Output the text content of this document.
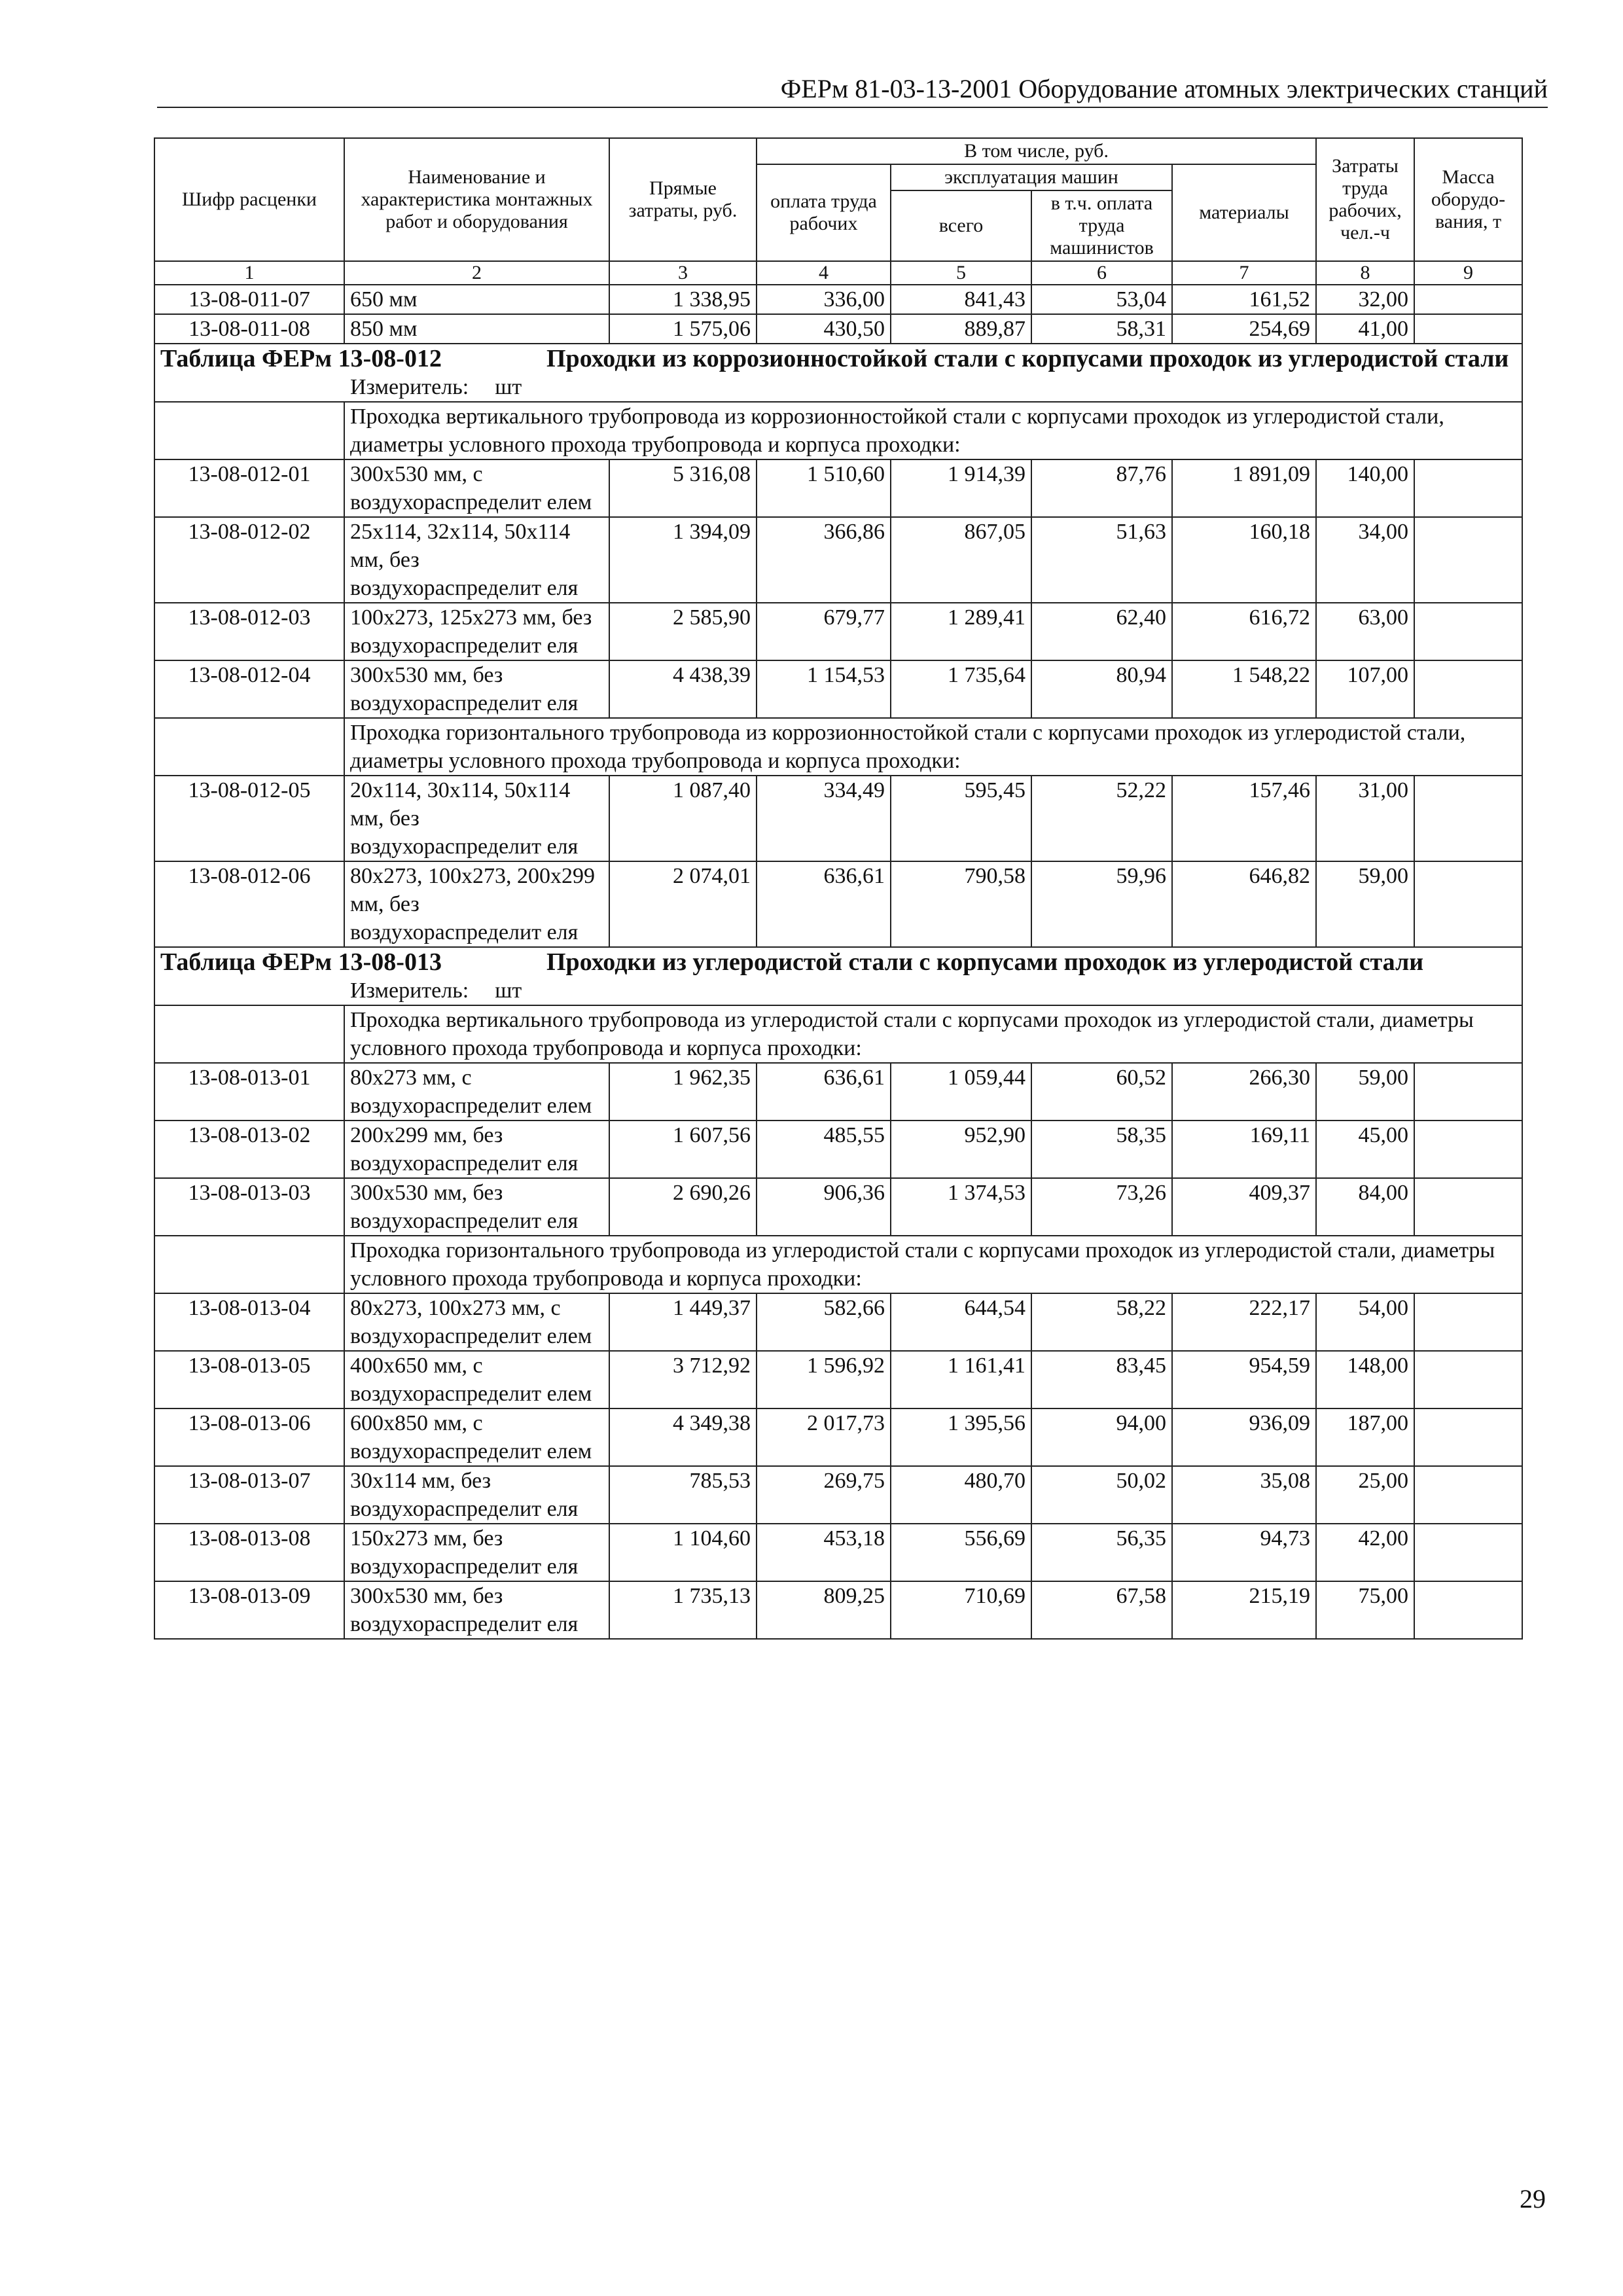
ФЕРм 81-03-13-2001 Оборудование атомных электрических станций
Шифр расценки	Наименование и характеристика монтажных работ и оборудования	Прямые затраты, руб.	В том числе, руб.				Затраты труда рабочих, чел.-ч	Масса оборудо-вания, т
			оплата труда рабочих	эксплуатация машин		материалы		
				всего	в т.ч. оплата труда машинистов			
1	2	3	4	5	6	7	8	9
13-08-011-07	650 мм	1 338,95	336,00	841,43	53,04	161,52	32,00	
13-08-011-08	850 мм	1 575,06	430,50	889,87	58,31	254,69	41,00	

Таблица ФЕРм 13-08-012 Проходки из коррозионностойкой стали с корпусами проходок из углеродистой стали
Измеритель: шт								

	Проходка вертикального трубопровода из коррозионностойкой стали с корпусами проходок из углеродистой стали, диаметры условного прохода трубопровода и корпуса проходки:							
13-08-012-01	300х530 мм, с воздухораспределит елем	5 316,08	1 510,60	1 914,39	87,76	1 891,09	140,00	
13-08-012-02	25х114, 32х114, 50х114 мм, без воздухораспределит еля	1 394,09	366,86	867,05	51,63	160,18	34,00	
13-08-012-03	100х273, 125х273 мм, без воздухораспределит еля	2 585,90	679,77	1 289,41	62,40	616,72	63,00	
13-08-012-04	300х530 мм, без воздухораспределит еля	4 438,39	1 154,53	1 735,64	80,94	1 548,22	107,00	
	Проходка горизонтального трубопровода из коррозионностойкой стали с корпусами проходок из углеродистой стали, диаметры условного прохода трубопровода и корпуса проходки:							
13-08-012-05	20х114, 30х114, 50х114 мм, без воздухораспределит еля	1 087,40	334,49	595,45	52,22	157,46	31,00	
13-08-012-06	80х273, 100х273, 200х299 мм, без воздухораспределит еля	2 074,01	636,61	790,58	59,96	646,82	59,00	

Таблица ФЕРм 13-08-013 Проходки из углеродистой стали с корпусами проходок из углеродистой стали
Измеритель: шт								

	Проходка вертикального трубопровода из углеродистой стали с корпусами проходок из углеродистой стали, диаметры условного прохода трубопровода и корпуса проходки:							
13-08-013-01	80х273 мм, с воздухораспределит елем	1 962,35	636,61	1 059,44	60,52	266,30	59,00	
13-08-013-02	200х299 мм, без воздухораспределит еля	1 607,56	485,55	952,90	58,35	169,11	45,00	
13-08-013-03	300х530 мм, без воздухораспределит еля	2 690,26	906,36	1 374,53	73,26	409,37	84,00	
	Проходка горизонтального трубопровода из углеродистой стали с корпусами проходок из углеродистой стали, диаметры условного прохода трубопровода и корпуса проходки:							
13-08-013-04	80х273, 100х273 мм, с воздухораспределит елем	1 449,37	582,66	644,54	58,22	222,17	54,00	
13-08-013-05	400х650 мм, с воздухораспределит елем	3 712,92	1 596,92	1 161,41	83,45	954,59	148,00	
13-08-013-06	600х850 мм, с воздухораспределит елем	4 349,38	2 017,73	1 395,56	94,00	936,09	187,00	
13-08-013-07	30х114 мм, без воздухораспределит еля	785,53	269,75	480,70	50,02	35,08	25,00	
13-08-013-08	150х273 мм, без воздухораспределит еля	1 104,60	453,18	556,69	56,35	94,73	42,00	
13-08-013-09	300х530 мм, без воздухораспределит еля	1 735,13	809,25	710,69	67,58	215,19	75,00	
29
